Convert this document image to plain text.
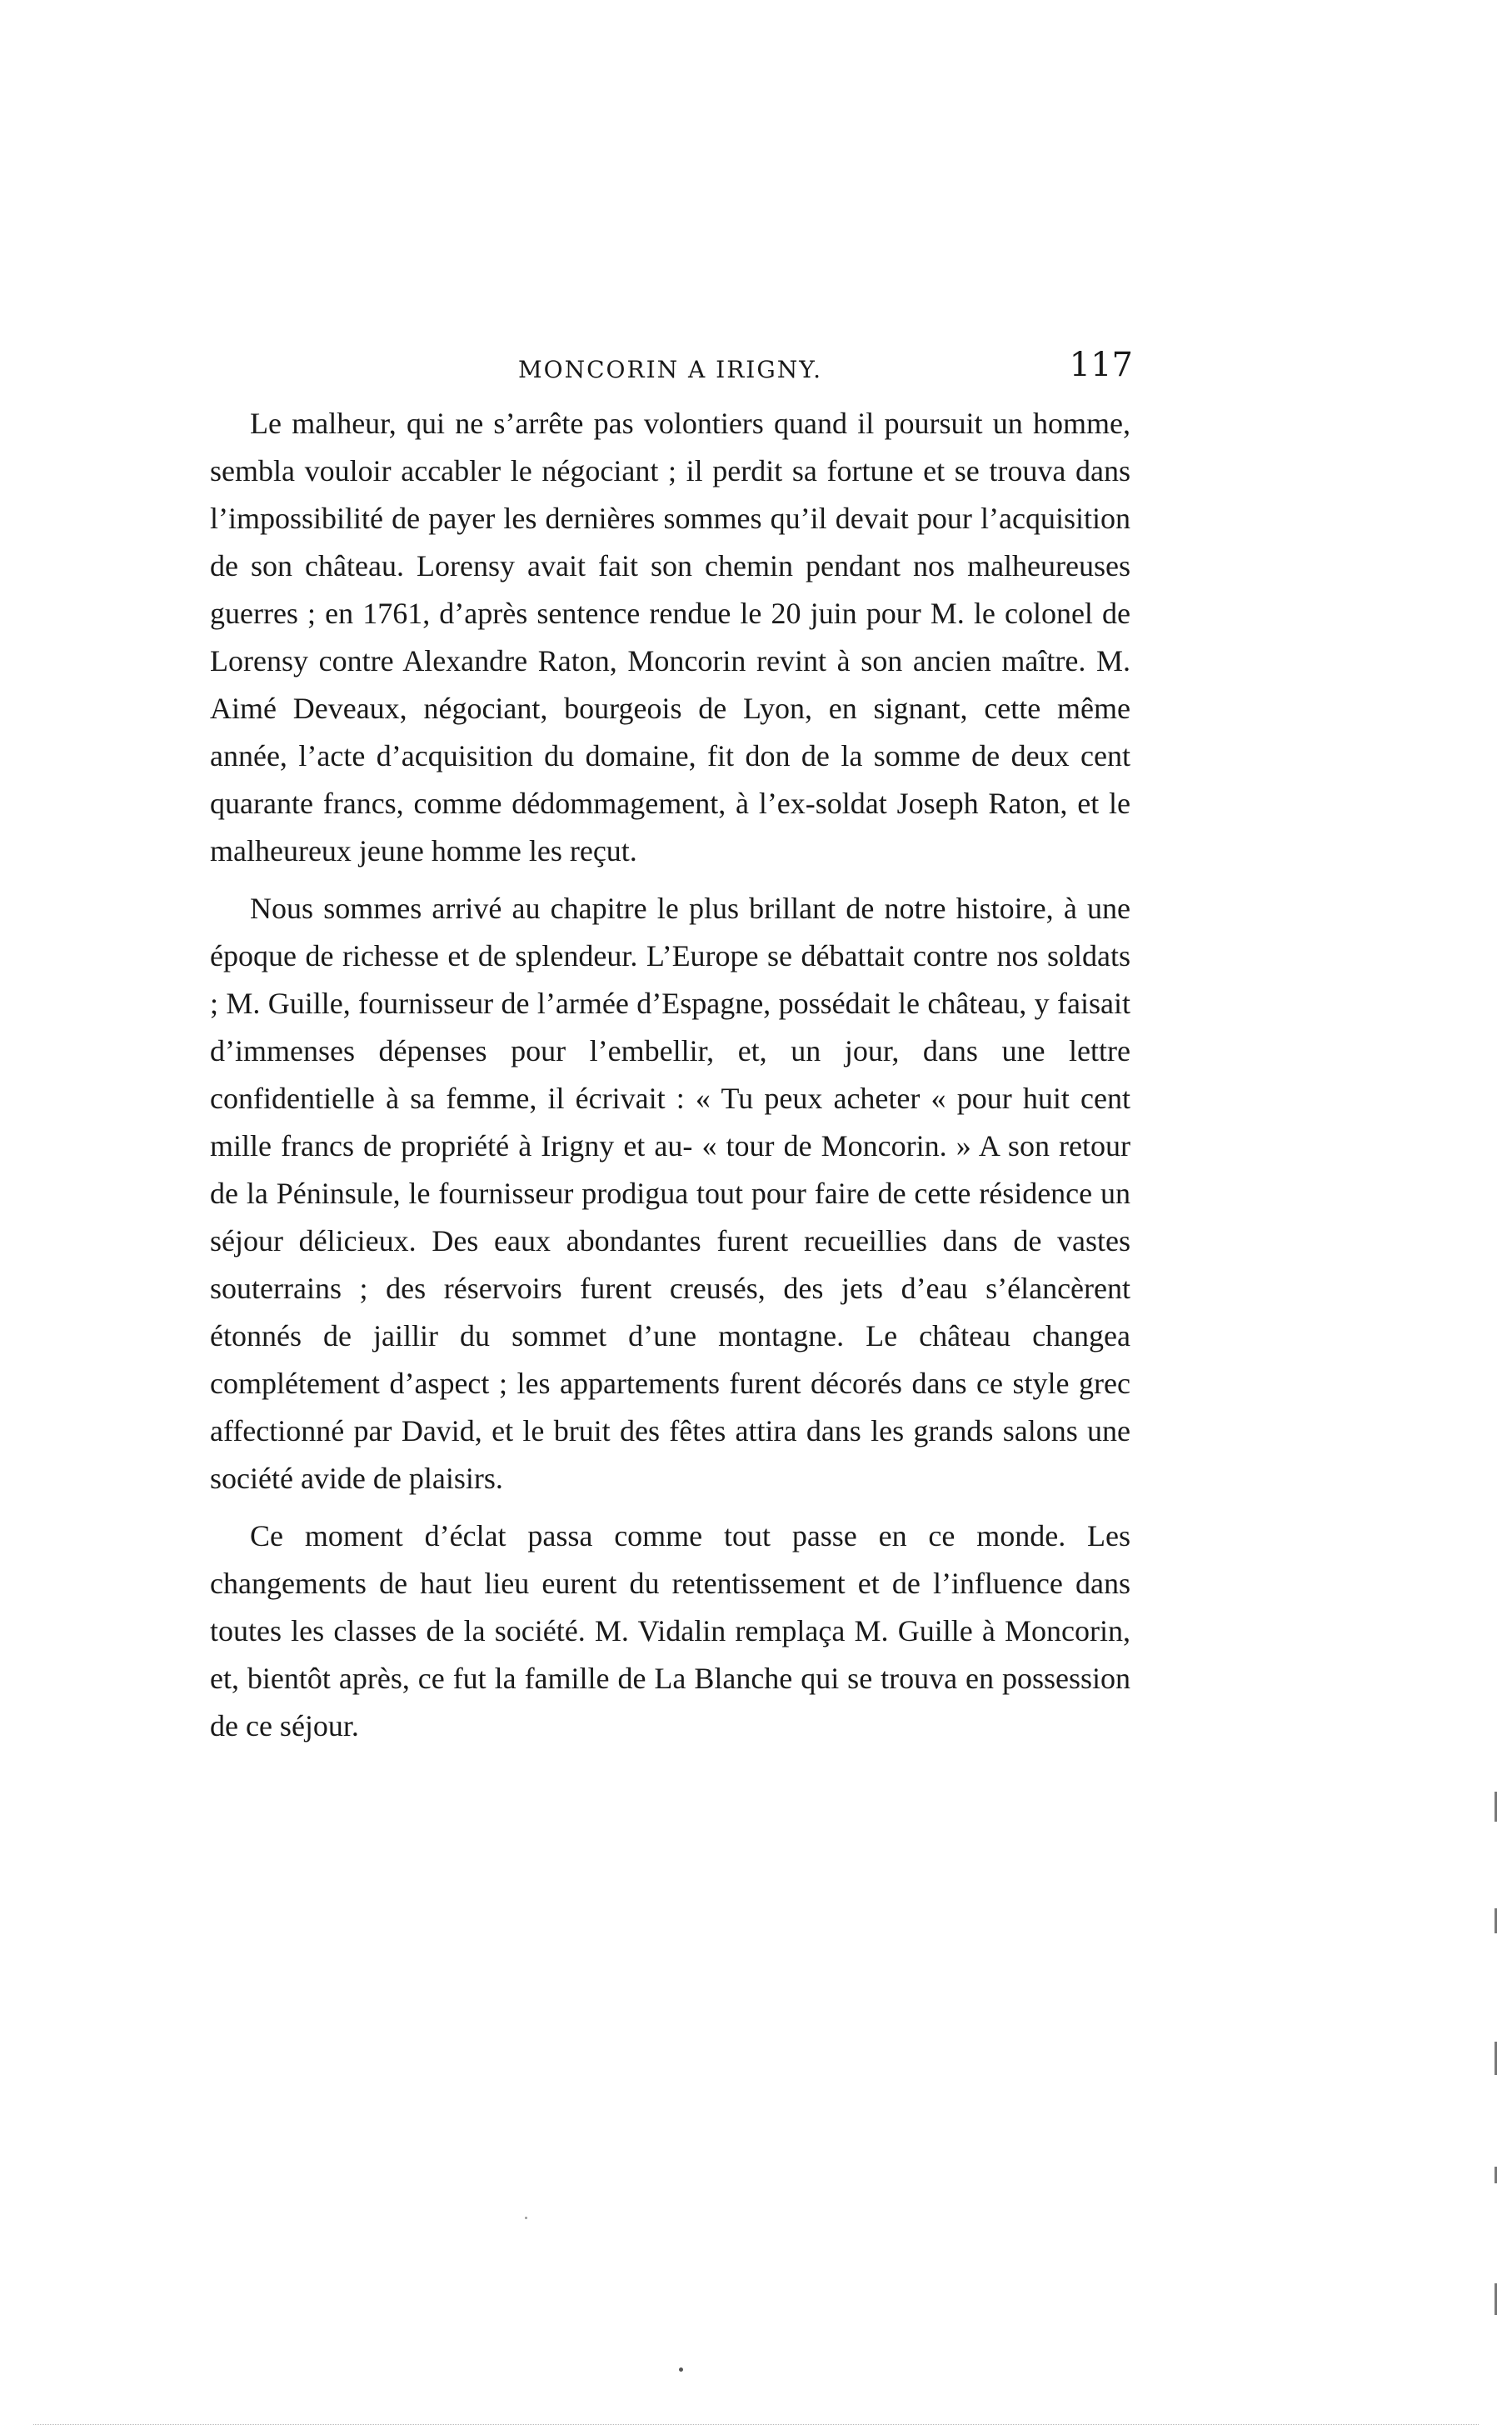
MONCORIN A IRIGNY.	117

Le malheur, qui ne s’arrête pas volontiers quand il poursuit un homme, sembla vouloir accabler le négociant ; il perdit sa fortune et se trouva dans l’impossibilité de payer les dernières sommes qu’il devait pour l’acquisition de son château. Lorensy avait fait son chemin pendant nos malheureuses guerres ; en 1761, d’après sentence rendue le 20 juin pour M. le colonel de Lorensy contre Alexandre Raton, Moncorin revint à son ancien maître. M. Aimé Deveaux, négociant, bourgeois de Lyon, en signant, cette même année, l’acte d’acquisition du domaine, fit don de la somme de deux cent quarante francs, comme dédommagement, à l’ex-soldat Joseph Raton, et le malheureux jeune homme les reçut.

Nous sommes arrivé au chapitre le plus brillant de notre histoire, à une époque de richesse et de splendeur. L’Europe se débattait contre nos soldats ; M. Guille, fournisseur de l’armée d’Espagne, possédait le château, y faisait d’immenses dépenses pour l’embellir, et, un jour, dans une lettre confidentielle à sa femme, il écrivait : « Tu peux acheter « pour huit cent mille francs de propriété à Irigny et au- « tour de Moncorin. » A son retour de la Péninsule, le fournisseur prodigua tout pour faire de cette résidence un séjour délicieux. Des eaux abondantes furent recueillies dans de vastes souterrains ; des réservoirs furent creusés, des jets d’eau s’élancèrent étonnés de jaillir du sommet d’une montagne. Le château changea complétement d’aspect ; les appartements furent décorés dans ce style grec affectionné par David, et le bruit des fêtes attira dans les grands salons une société avide de plaisirs.

Ce moment d’éclat passa comme tout passe en ce monde. Les changements de haut lieu eurent du retentissement et de l’influence dans toutes les classes de la société. M. Vidalin remplaça M. Guille à Moncorin, et, bientôt après, ce fut la famille de La Blanche qui se trouva en possession de ce séjour.
